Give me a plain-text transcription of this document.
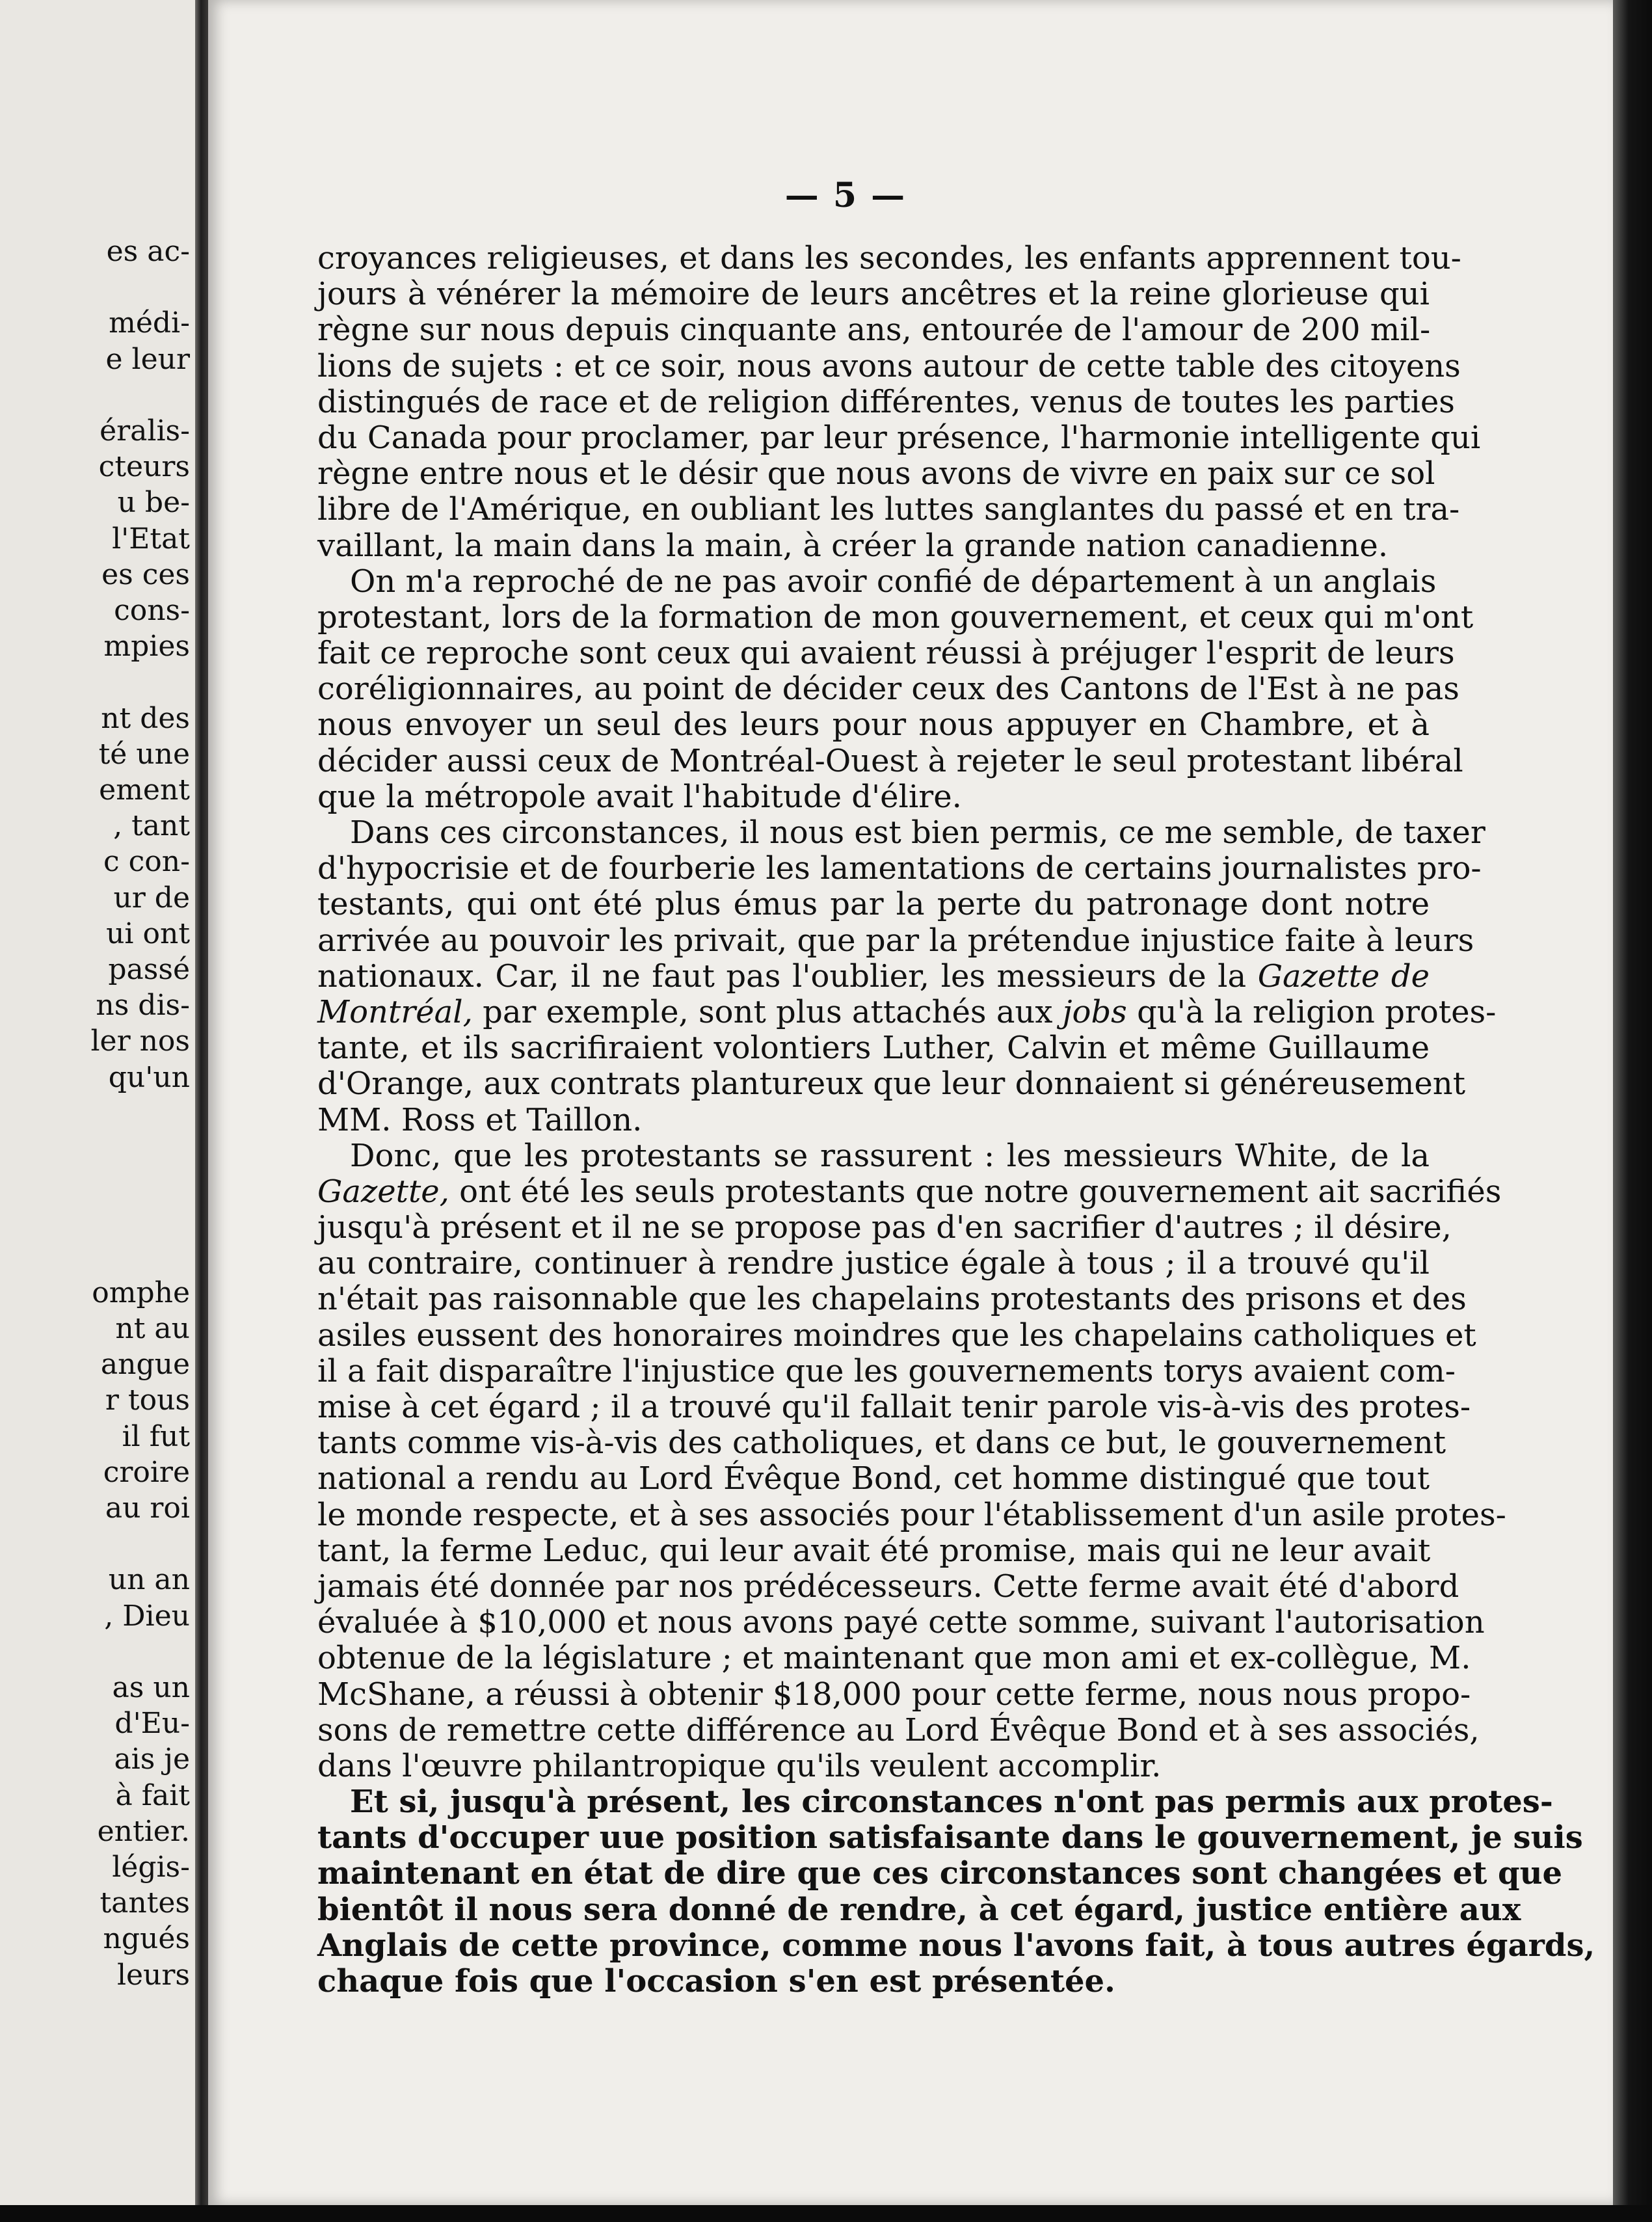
es ac-
médi-
e leur
éralis-
cteurs
u be-
l'Etat
es ces
cons-
mpies
nt des
té une
ement
, tant
c con-
ur de
ui ont
passé
ns dis-
ler nos
qu'un
omphe
nt au
angue
r tous
il fut
croire
au roi
un an
, Dieu
as un
d'Eu-
ais je
à fait
entier.
légis-
tantes
ngués
leurs
— 5 —
croyances religieuses, et dans les secondes, les enfants apprennent tou-
jours à vénérer la mémoire de leurs ancêtres et la reine glorieuse qui
règne sur nous depuis cinquante ans, entourée de l'amour de 200 mil-
lions de sujets : et ce soir, nous avons autour de cette table des citoyens
distingués de race et de religion différentes, venus de toutes les parties
du Canada pour proclamer, par leur présence, l'harmonie intelligente qui
règne entre nous et le désir que nous avons de vivre en paix sur ce sol
libre de l'Amérique, en oubliant les luttes sanglantes du passé et en tra-
vaillant, la main dans la main, à créer la grande nation canadienne.
On m'a reproché de ne pas avoir confié de département à un anglais
protestant, lors de la formation de mon gouvernement, et ceux qui m'ont
fait ce reproche sont ceux qui avaient réussi à préjuger l'esprit de leurs
coréligionnaires, au point de décider ceux des Cantons de l'Est à ne pas
nous envoyer un seul des leurs pour nous appuyer en Chambre, et à
décider aussi ceux de Montréal-Ouest à rejeter le seul protestant libéral
que la métropole avait l'habitude d'élire.
Dans ces circonstances, il nous est bien permis, ce me semble, de taxer
d'hypocrisie et de fourberie les lamentations de certains journalistes pro-
testants, qui ont été plus émus par la perte du patronage dont notre
arrivée au pouvoir les privait, que par la prétendue injustice faite à leurs
nationaux. Car, il ne faut pas l'oublier, les messieurs de la Gazette de
Montréal, par exemple, sont plus attachés aux jobs qu'à la religion protes-
tante, et ils sacrifiraient volontiers Luther, Calvin et même Guillaume
d'Orange, aux contrats plantureux que leur donnaient si généreusement
MM. Ross et Taillon.
Donc, que les protestants se rassurent : les messieurs White, de la
Gazette, ont été les seuls protestants que notre gouvernement ait sacrifiés
jusqu'à présent et il ne se propose pas d'en sacrifier d'autres ; il désire,
au contraire, continuer à rendre justice égale à tous ; il a trouvé qu'il
n'était pas raisonnable que les chapelains protestants des prisons et des
asiles eussent des honoraires moindres que les chapelains catholiques et
il a fait disparaître l'injustice que les gouvernements torys avaient com-
mise à cet égard ; il a trouvé qu'il fallait tenir parole vis-à-vis des protes-
tants comme vis-à-vis des catholiques, et dans ce but, le gouvernement
national a rendu au Lord Évêque Bond, cet homme distingué que tout
le monde respecte, et à ses associés pour l'établissement d'un asile protes-
tant, la ferme Leduc, qui leur avait été promise, mais qui ne leur avait
jamais été donnée par nos prédécesseurs. Cette ferme avait été d'abord
évaluée à $10,000 et nous avons payé cette somme, suivant l'autorisation
obtenue de la législature ; et maintenant que mon ami et ex-collègue, M.
McShane, a réussi à obtenir $18,000 pour cette ferme, nous nous propo-
sons de remettre cette différence au Lord Évêque Bond et à ses associés,
dans l'œuvre philantropique qu'ils veulent accomplir.
Et si, jusqu'à présent, les circonstances n'ont pas permis aux protes-
tants d'occuper uue position satisfaisante dans le gouvernement, je suis
maintenant en état de dire que ces circonstances sont changées et que
bientôt il nous sera donné de rendre, à cet égard, justice entière aux
Anglais de cette province, comme nous l'avons fait, à tous autres égards,
chaque fois que l'occasion s'en est présentée.
